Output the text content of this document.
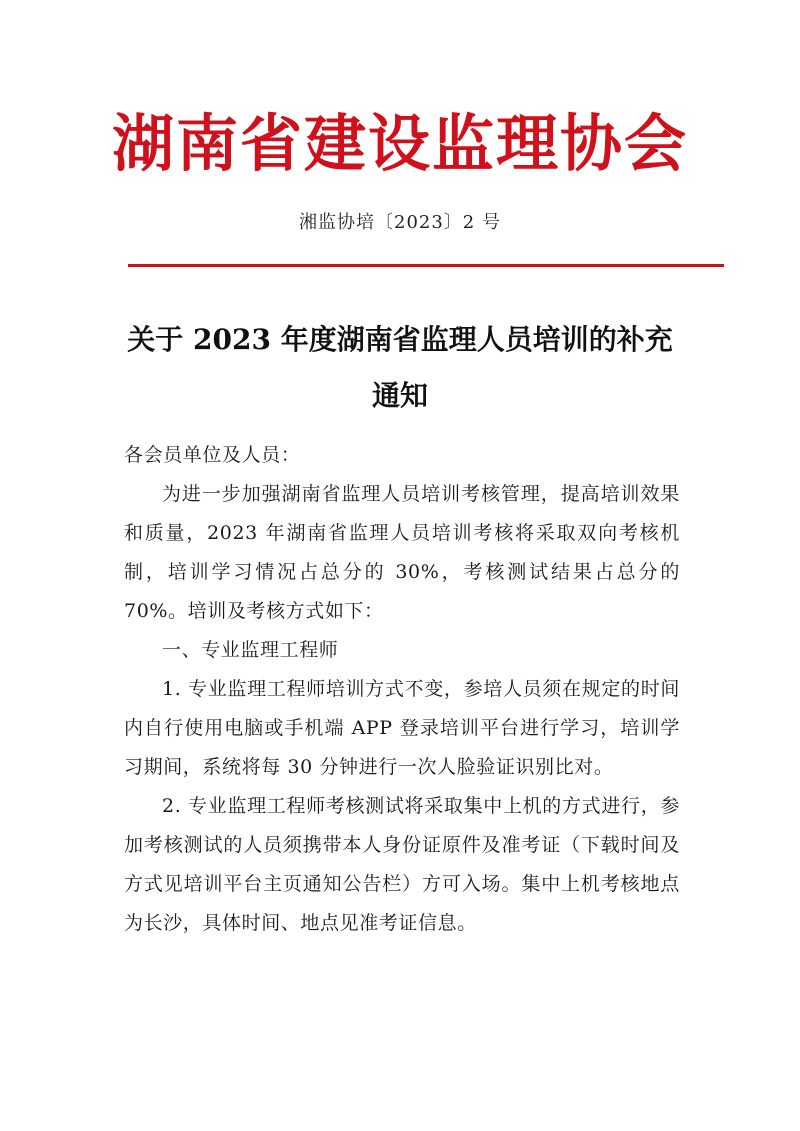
湖南省建设监理协会
湘监协培〔2023〕2 号
关于 2023 年度湖南省监理人员培训的补充
通知

各会员单位及人员：

为进一步加强湖南省监理人员培训考核管理，提高培训效果和质量，2023 年湖南省监理人员培训考核将采取双向考核机制，培训学习情况占总分的 30%，考核测试结果占总分的 70%。培训及考核方式如下：

一、专业监理工程师

1. 专业监理工程师培训方式不变，参培人员须在规定的时间内自行使用电脑或手机端 APP 登录培训平台进行学习，培训学习期间，系统将每 30 分钟进行一次人脸验证识别比对。

2. 专业监理工程师考核测试将采取集中上机的方式进行，参加考核测试的人员须携带本人身份证原件及准考证（下载时间及方式见培训平台主页通知公告栏）方可入场。集中上机考核地点为长沙，具体时间、地点见准考证信息。
